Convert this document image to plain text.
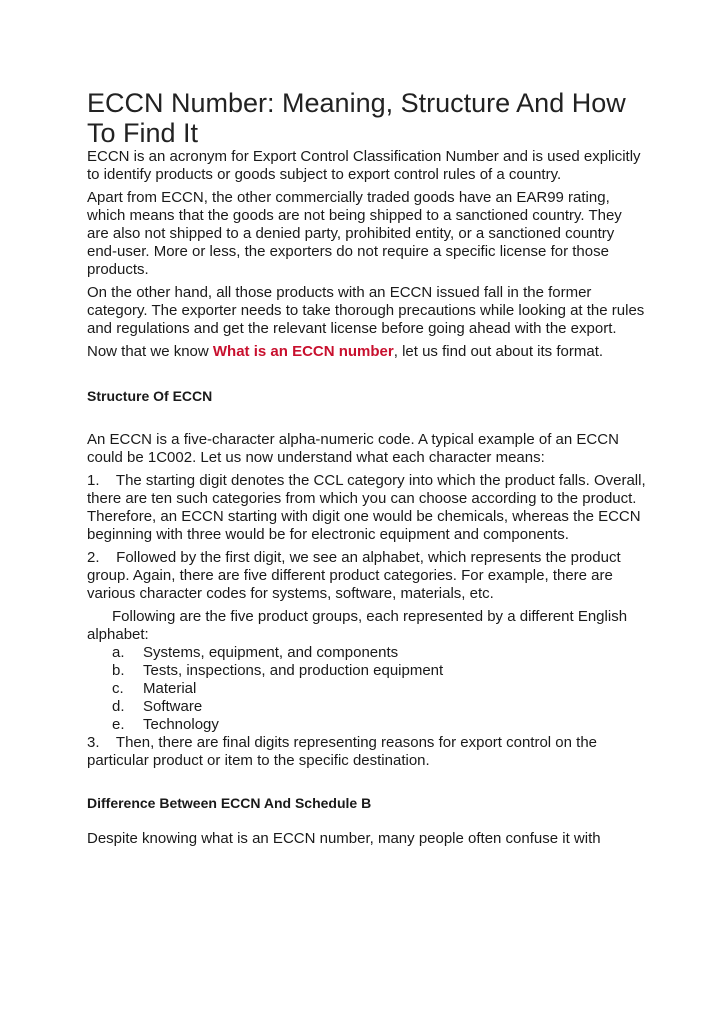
ECCN Number: Meaning, Structure And How To Find It

ECCN is an acronym for Export Control Classification Number and is used explicitly to identify products or goods subject to export control rules of a country.

Apart from ECCN, the other commercially traded goods have an EAR99 rating, which means that the goods are not being shipped to a sanctioned country. They are also not shipped to a denied party, prohibited entity, or a sanctioned country end-user. More or less, the exporters do not require a specific license for those products.

On the other hand, all those products with an ECCN issued fall in the former category. The exporter needs to take thorough precautions while looking at the rules and regulations and get the relevant license before going ahead with the export.

Now that we know What is an ECCN number, let us find out about its format.

Structure Of ECCN

An ECCN is a five-character alpha-numeric code. A typical example of an ECCN could be 1C002. Let us now understand what each character means:

1.    The starting digit denotes the CCL category into which the product falls. Overall, there are ten such categories from which you can choose according to the product. Therefore, an ECCN starting with digit one would be chemicals, whereas the ECCN beginning with three would be for electronic equipment and components.

2.    Followed by the first digit, we see an alphabet, which represents the product group. Again, there are five different product categories. For example, there are various character codes for systems, software, materials, etc.

Following are the five product groups, each represented by a different English alphabet:

a. Systems, equipment, and components
b. Tests, inspections, and production equipment
c. Material
d. Software
e. Technology

3.    Then, there are final digits representing reasons for export control on the particular product or item to the specific destination.

Difference Between ECCN And Schedule B

Despite knowing what is an ECCN number, many people often confuse it with
